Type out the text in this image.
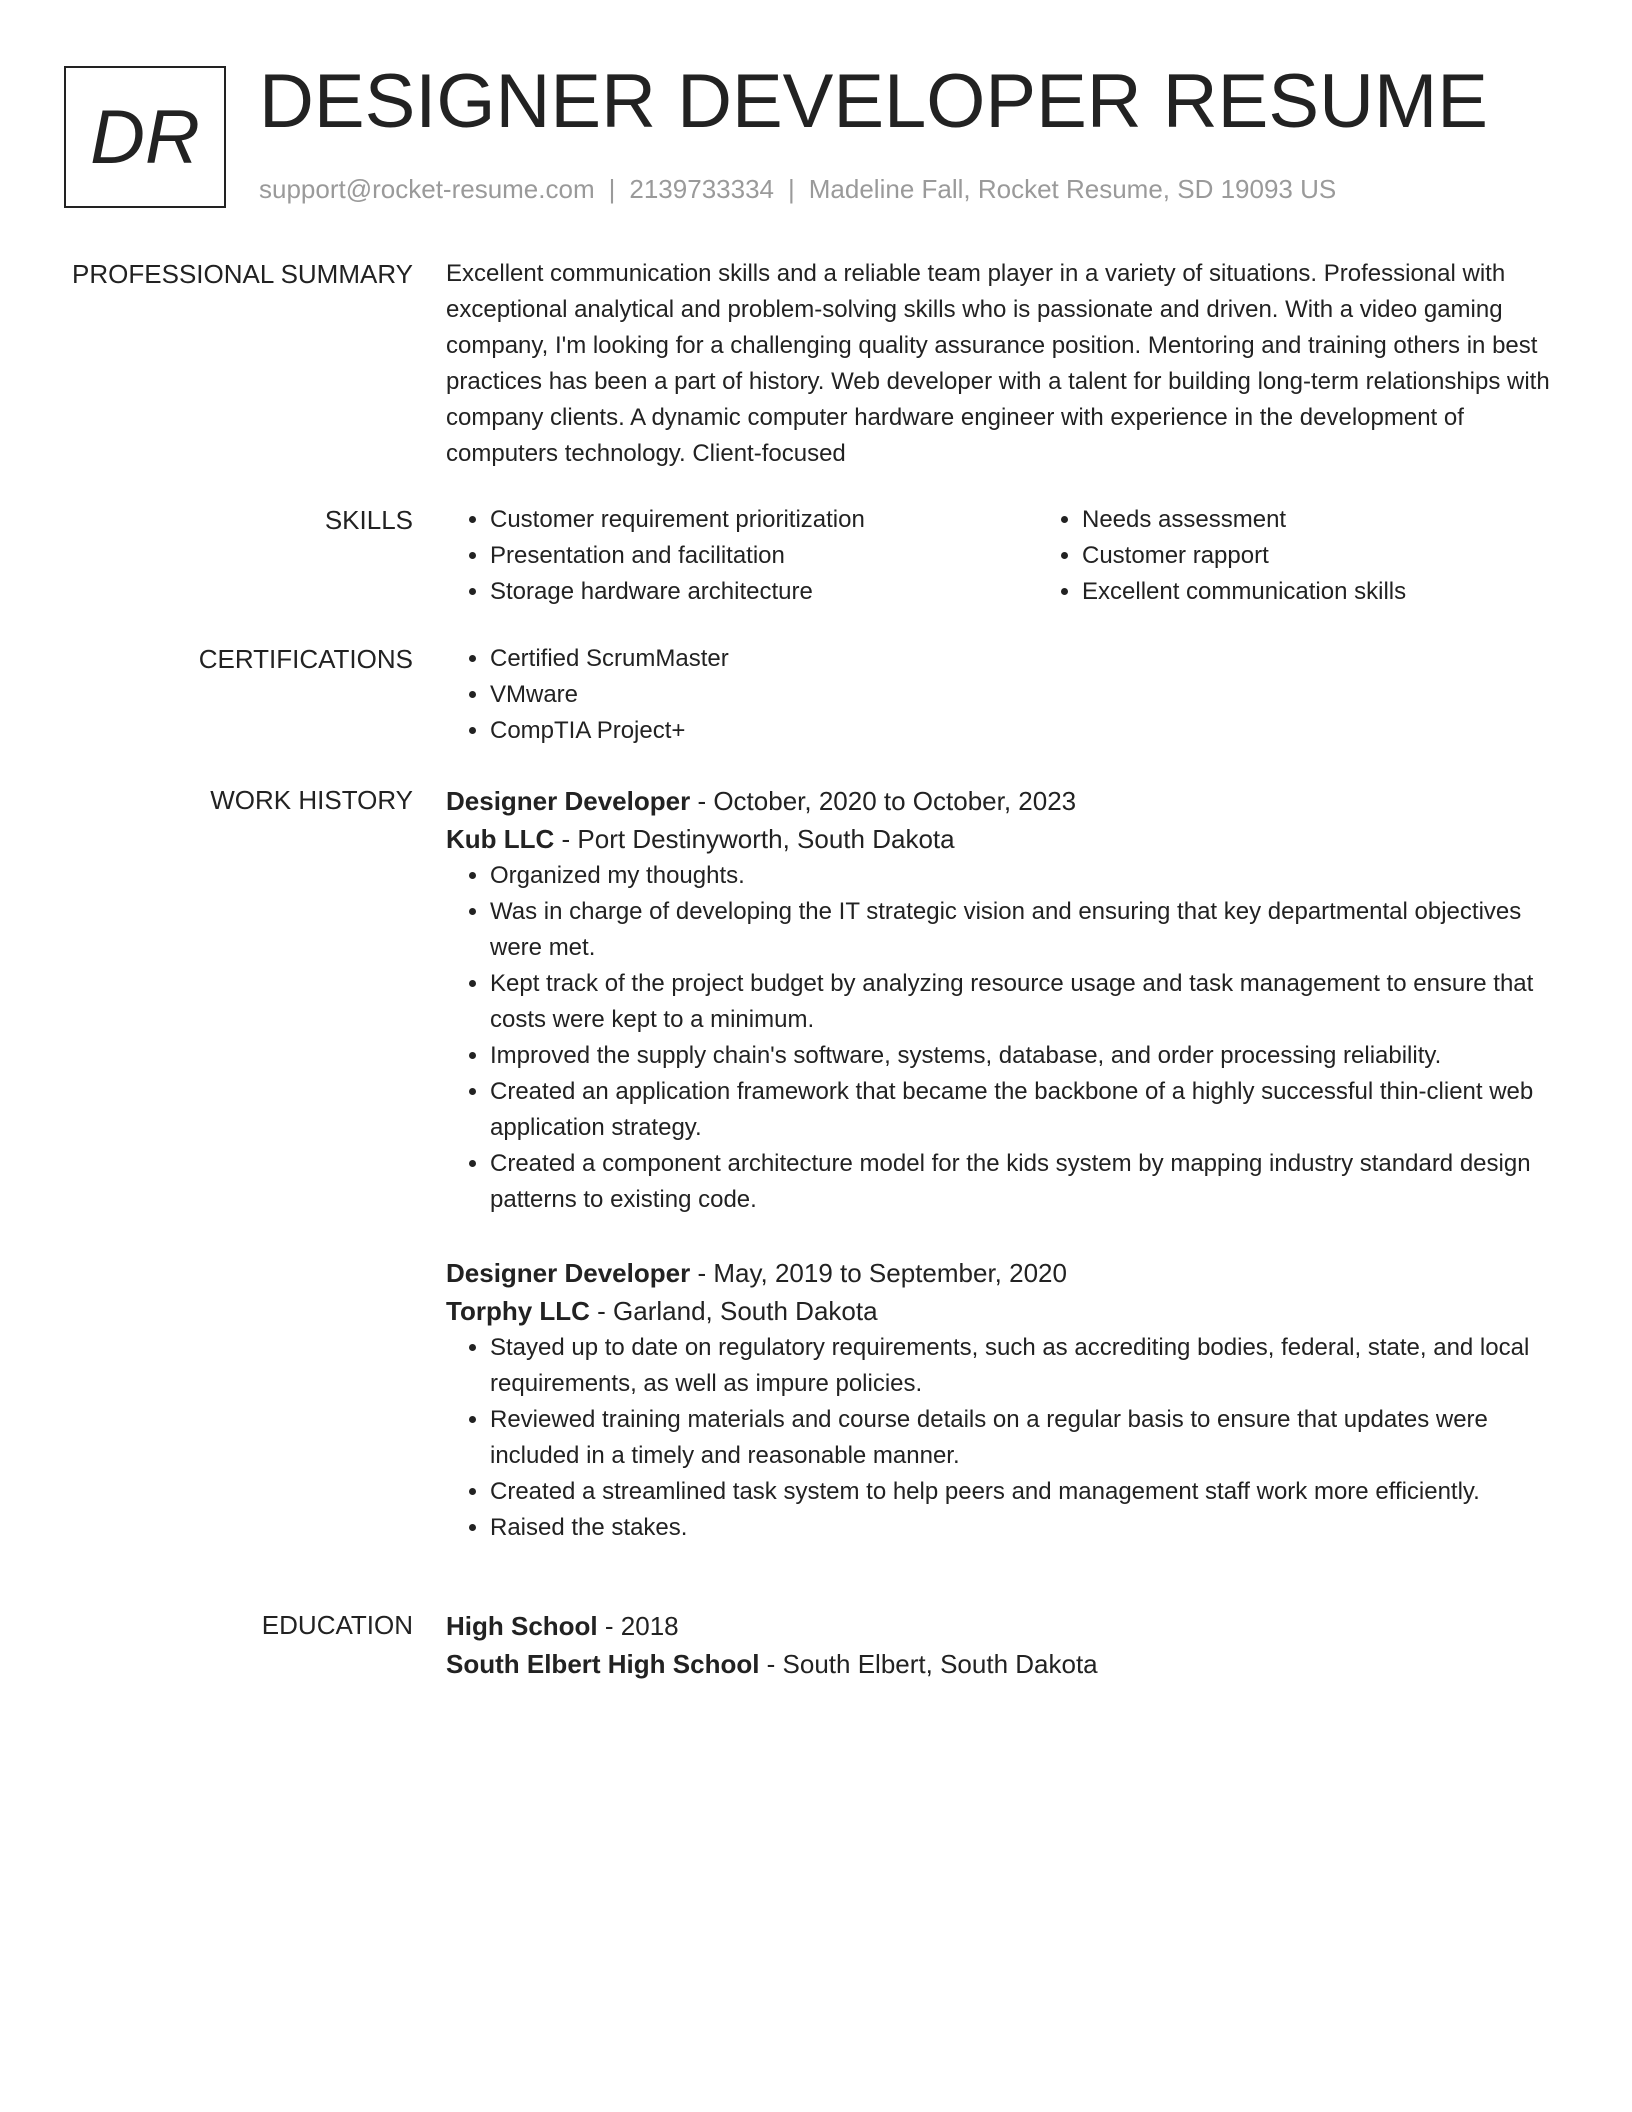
DR DESIGNER DEVELOPER RESUME
support@rocket-resume.com | 2139733334 | Madeline Fall, Rocket Resume, SD 19093 US
PROFESSIONAL SUMMARY Excellent communication skills and a reliable team player in a variety of situations. Professional with exceptional analytical and problem-solving skills who is passionate and driven. With a video gaming company, I'm looking for a challenging quality assurance position. Mentoring and training others in best practices has been a part of history. Web developer with a talent for building long-term relationships with company clients. A dynamic computer hardware engineer with experience in the development of computers technology. Client-focused

SKILLS	• Customer requirement prioritization
• Presentation and facilitation
• Storage hardware architecture
• Needs assessment
• Customer rapport
• Excellent communication skills
CERTIFICATIONS	• Certified ScrumMaster
• VMware
• CompTIA Project+
WORK HISTORY Designer Developer - October, 2020 to October, 2023
Kub LLC - Port Destinyworth, South Dakota
• Organized my thoughts.
• Was in charge of developing the IT strategic vision and ensuring that key departmental objectives were met.
• Kept track of the project budget by analyzing resource usage and task management to ensure that costs were kept to a minimum.
• Improved the supply chain's software, systems, database, and order processing reliability.
• Created an application framework that became the backbone of a highly successful thin-client web application strategy.
• Created a component architecture model for the kids system by mapping industry standard design patterns to existing code.
Designer Developer - May, 2019 to September, 2020
Torphy LLC - Garland, South Dakota
• Stayed up to date on regulatory requirements, such as accrediting bodies, federal, state, and local requirements, as well as impure policies.
• Reviewed training materials and course details on a regular basis to ensure that updates were included in a timely and reasonable manner.
• Created a streamlined task system to help peers and management staff work more efficiently.
• Raised the stakes.
EDUCATION High School - 2018
South Elbert High School - South Elbert, South Dakota
